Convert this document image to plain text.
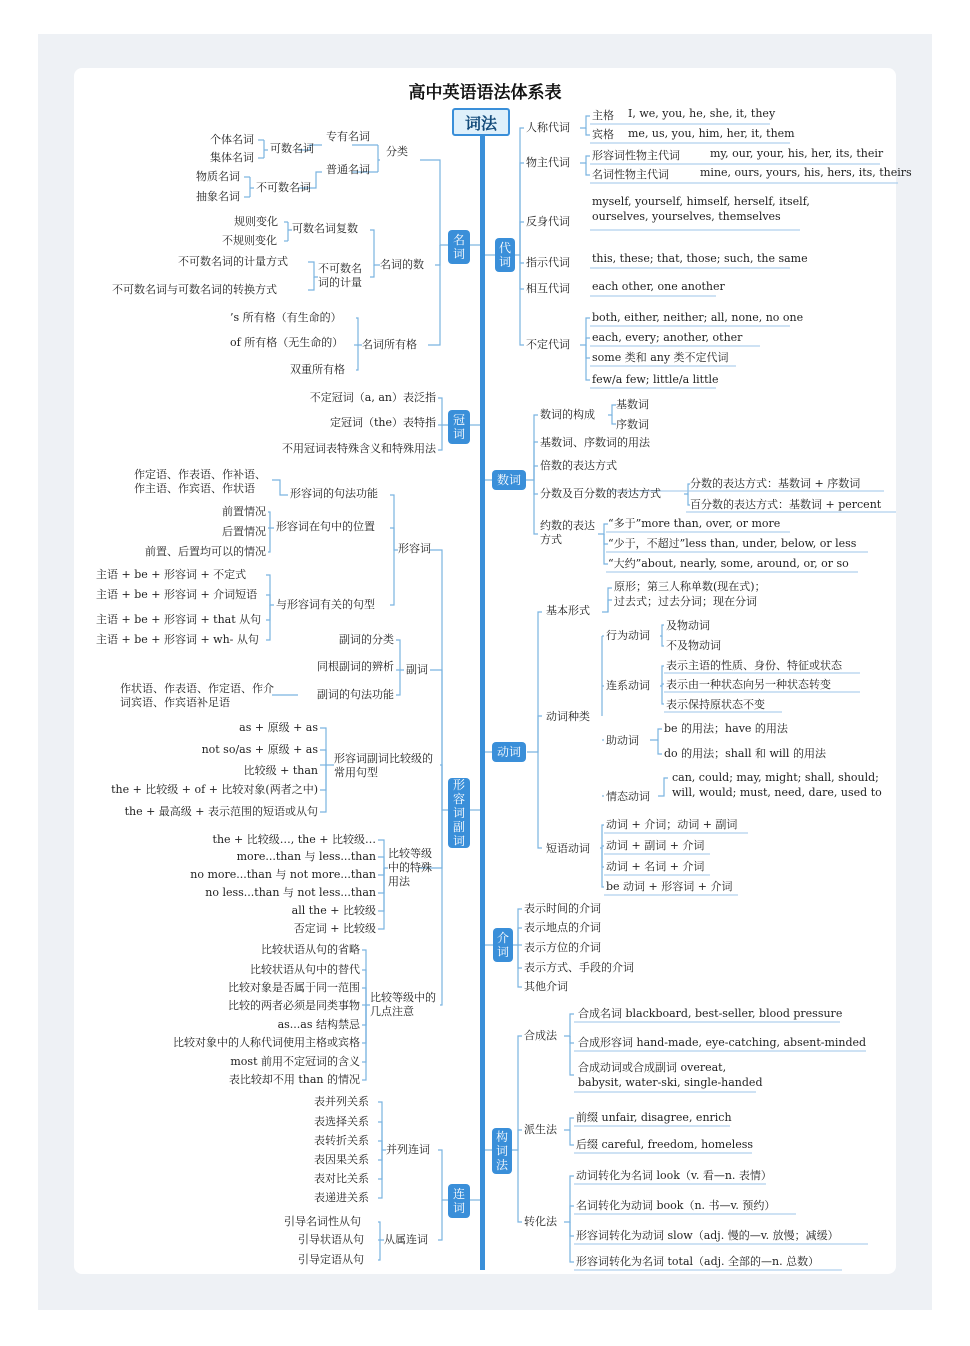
高中英语语法体系表
词法
名词
冠词
形容词副词
连词
代词
数词
动词
介词
构词法
分类
专有名词
普通名词
可数名词
个体名词
集体名词
不可数名词
物质名词
抽象名词
名词的数
可数名词复数
规则变化
不规则变化
不可数名词的计量
不可数名词的计量方式
不可数名词与可数名词的转换方式
名词所有格
’s 所有格（有生命的）
of 所有格（无生命的）
双重所有格
不定冠词（a, an）表泛指
定冠词（the）表特指
不用冠词表特殊含义和特殊用法
形容词
形容词的句法功能
作定语、作表语、作补语、作主语、作宾语、作状语
形容词在句中的位置
前置情况
后置情况
前置、后置均可以的情况
与形容词有关的句型
主语 + be + 形容词 + 不定式
主语 + be + 形容词 + 介词短语
主语 + be + 形容词 + that 从句
主语 + be + 形容词 + wh- 从句
副词
副词的分类
同根副词的辨析
副词的句法功能
作状语、作表语、作定语、作介词宾语、作宾语补足语
形容词副词比较级的常用句型
as + 原级 + as
not so/as + 原级 + as
比较级 + than
the + 比较级 + of + 比较对象(两者之中)
the + 最高级 + 表示范围的短语或从句
比较等级中的特殊用法
the + 比较级…, the + 比较级…
more...than 与 less...than
no more...than 与 not more...than
no less...than 与 not less...than
all the + 比较级
否定词 + 比较级
比较等级中的几点注意
比较状语从句的省略
比较状语从句中的替代
比较对象是否属于同一范围
比较的两者必须是同类事物
as...as 结构禁忌
比较对象中的人称代词使用主格或宾格
most 前用不定冠词的含义
表比较却不用 than 的情况
并列连词
表并列关系
表选择关系
表转折关系
表因果关系
表对比关系
表递进关系
从属连词
引导名词性从句
引导状语从句
引导定语从句
人称代词
主格 I, we, you, he, she, it, they
宾格 me, us, you, him, her, it, them
物主代词
形容词性物主代词	my, our, your, his, her, its, their
名词性物主代词	mine, ours, yours, his, hers, its, theirs
反身代词
myself, yourself, himself, herself, itself,
ourselves, yourselves, themselves
指示代词 this, these; that, those; such, the same
相互代词 each other, one another
不定代词
both, either, neither; all, none, no one
each, every; another, other
some 类和 any 类不定代词
few/a few; little/a little
数词的构成
基数词
序数词
基数词、序数词的用法
倍数的表达方式
分数及百分数的表达方式
分数的表达方式：基数词 + 序数词
百分数的表达方式：基数词 + percent
约数的表达方式
“多于”more than, over, or more
“少于，不超过”less than, under, below, or less
“大约”about, nearly, some, around, or, or so
基本形式
原形；第三人称单数(现在式)；
过去式；过去分词；现在分词
动词种类
行为动词
及物动词
不及物动词
连系动词
表示主语的性质、身份、特征或状态
表示由一种状态向另一种状态转变
表示保持原状态不变
助动词
be 的用法；have 的用法
do 的用法；shall 和 will 的用法
情态动词
can, could; may, might; shall, should;
will, would; must, need, dare, used to
短语动词
动词 + 介词；动词 + 副词
动词 + 副词 + 介词
动词 + 名词 + 介词
be 动词 + 形容词 + 介词
表示时间的介词
表示地点的介词
表示方位的介词
表示方式、手段的介词
其他介词
合成法
合成名词 blackboard, best-seller, blood pressure
合成形容词 hand-made, eye-catching, absent-minded
合成动词或合成副词 overeat,
babysit, water-ski, single-handed
派生法
前缀 unfair, disagree, enrich
后缀 careful, freedom, homeless
转化法
动词转化为名词 look（v. 看—n. 表情）
名词转化为动词 book（n. 书—v. 预约）
形容词转化为动词 slow（adj. 慢的—v. 放慢；减缓）
形容词转化为名词 total（adj. 全部的—n. 总数）
